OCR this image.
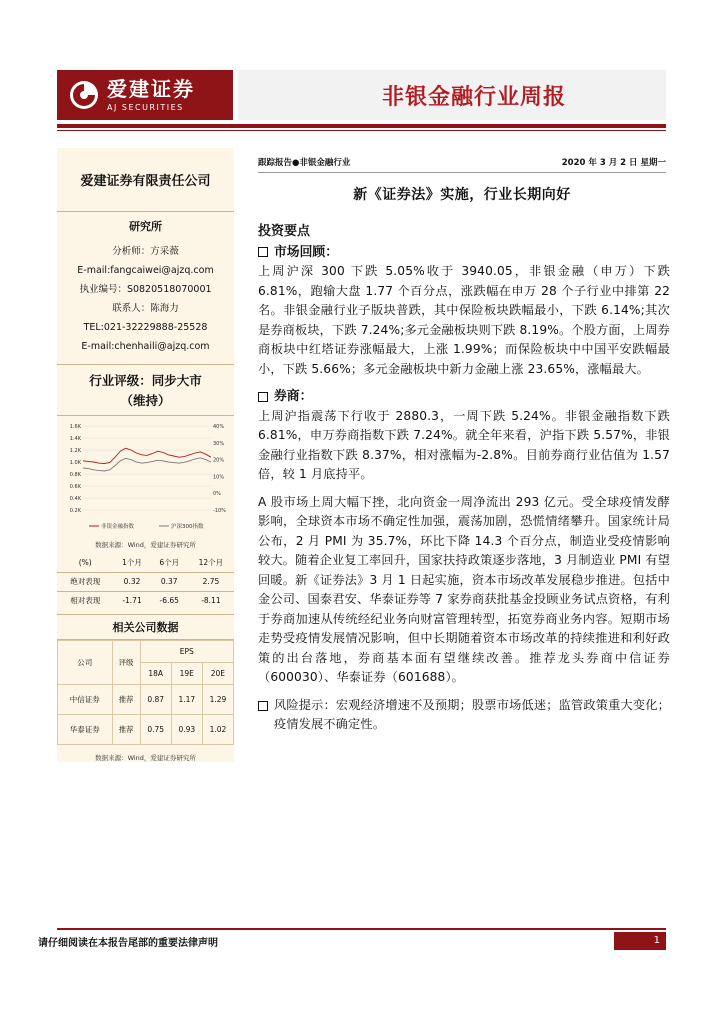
爱建证券
AJ SECURITIES	非银金融行业周报
爱建证券有限责任公司
研究所
分析师：方采薇
E-mail:fangcaiwei@ajzq.com
执业编号：S0820518070001
联系人：陈海力
TEL:021-32229888-25528
E-mail:chenhaili@ajzq.com
行业评级：同步大市
（维持）
1.6K
1.4K
1.2K
1.0K
0.8K
0.6K
0.4K
0.2K
40%
30%
20%
10%
0%
-10%
非银金融指数	沪深300指数
数据来源：Wind，爱建证券研究所
(%)	1个月	6个月	12个月
绝对表现	0.32	0.37	2.75
相对表现	-1.71	-6.65	-8.11
相关公司数据
公司	评级	EPS		
		18A	19E	20E
中信证券	推荐	0.87	1.17	1.29
华泰证券	推荐	0.75	0.93	1.02
数据来源：Wind，爱建证券研究所
跟踪报告●非银金融行业	2020 年 3 月 2 日 星期一
新《证券法》实施，行业长期向好
投资要点
市场回顾：
上周沪深 300 下跌 5.05%收于 3940.05，非银金融（申万）下跌 6.81%，跑输大盘 1.77 个百分点，涨跌幅在申万 28 个子行业中排第 22 名。非银金融行业子版块普跌，其中保险板块跌幅最小，下跌 6.14%;其次是券商板块，下跌 7.24%;多元金融板块则下跌 8.19%。个股方面，上周券商板块中红塔证券涨幅最大，上涨 1.99%；而保险板块中中国平安跌幅最小，下跌 5.66%；多元金融板块中新力金融上涨 23.65%，涨幅最大。
券商：
上周沪指震荡下行收于 2880.3，一周下跌 5.24%。非银金融指数下跌 6.81%，申万券商指数下跌 7.24%。就全年来看，沪指下跌 5.57%，非银金融行业指数下跌 8.37%，相对涨幅为-2.8%。目前券商行业估值为 1.57 倍，较 1 月底持平。
A 股市场上周大幅下挫，北向资金一周净流出 293 亿元。受全球疫情发酵影响，全球资本市场不确定性加强，震荡加剧，恐慌情绪攀升。国家统计局公布，2 月 PMI 为 35.7%，环比下降 14.3 个百分点，制造业受疫情影响较大。随着企业复工率回升，国家扶持政策逐步落地，3 月制造业 PMI 有望回暖。新《证券法》3 月 1 日起实施，资本市场改革发展稳步推进。包括中金公司、国泰君安、华泰证券等 7 家券商获批基金投顾业务试点资格，有利于券商加速从传统经纪业务向财富管理转型，拓宽券商业务内容。短期市场走势受疫情发展情况影响，但中长期随着资本市场改革的持续推进和利好政策的出台落地，券商基本面有望继续改善。推荐龙头券商中信证券（600030）、华泰证券（601688）。
风险提示：宏观经济增速不及预期；股票市场低迷；监管政策重大变化；疫情发展不确定性。
请仔细阅读在本报告尾部的重要法律声明	1
